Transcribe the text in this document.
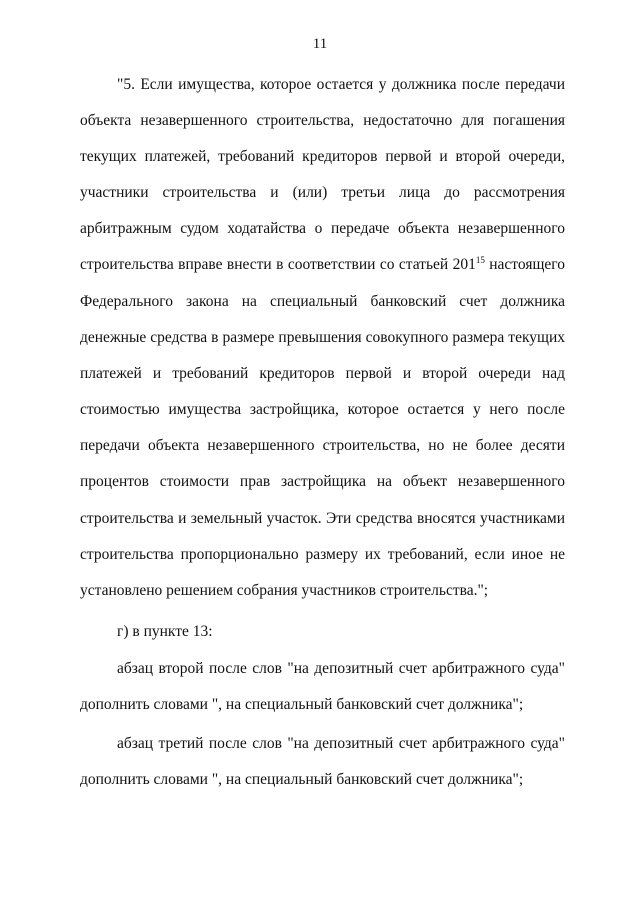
11
"5. Если имущества, которое остается у должника после передачи
объекта незавершенного строительства, недостаточно для погашения
текущих платежей, требований кредиторов первой и второй очереди,
участники строительства и (или) третьи лица до рассмотрения
арбитражным судом ходатайства о передаче объекта незавершенного
строительства вправе внести в соответствии со статьей $201^{15}$ настоящего
Федерального закона на специальный банковский счет должника
денежные средства в размере превышения совокупного размера текущих
платежей и требований кредиторов первой и второй очереди над
стоимостью имущества застройщика, которое остается у него после
передачи объекта незавершенного строительства, но не более десяти
процентов стоимости прав застройщика на объект незавершенного
строительства и земельный участок. Эти средства вносятся участниками
строительства пропорционально размеру их требований, если иное не
установлено решением собрания участников строительства.";
г) в пункте 13:
абзац второй после слов "на депозитный счет арбитражного суда"
дополнить словами ", на специальный банковский счет должника";
абзац третий после слов "на депозитный счет арбитражного суда"
дополнить словами ", на специальный банковский счет должника";
